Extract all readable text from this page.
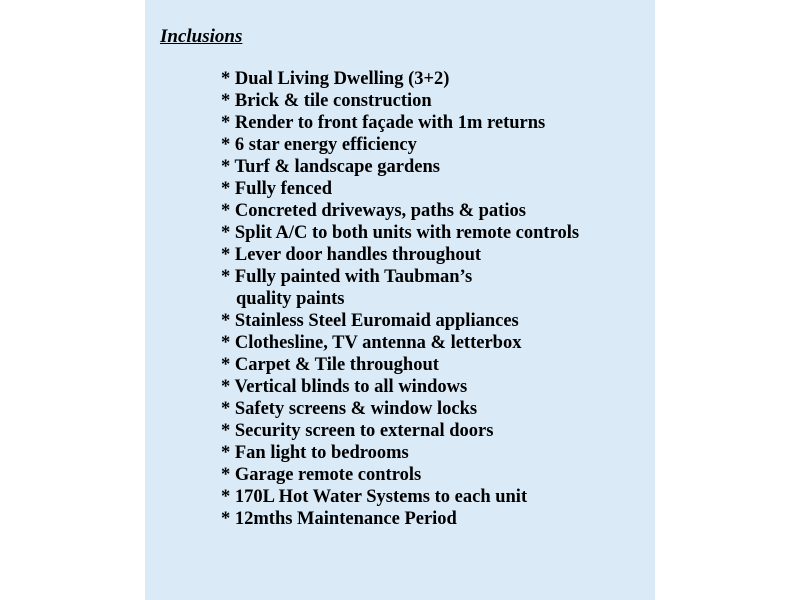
Inclusions
* Dual Living Dwelling (3+2)
* Brick & tile construction
* Render to front façade with 1m returns
* 6 star energy efficiency
* Turf & landscape gardens
* Fully fenced
* Concreted driveways, paths & patios
* Split A/C to both units with remote controls
* Lever door handles throughout
* Fully painted with Taubman’s
quality paints
* Stainless Steel Euromaid appliances
* Clothesline, TV antenna & letterbox
* Carpet & Tile throughout
* Vertical blinds to all windows
* Safety screens & window locks
* Security screen to external doors
* Fan light to bedrooms
* Garage remote controls
* 170L Hot Water Systems to each unit
* 12mths Maintenance Period
